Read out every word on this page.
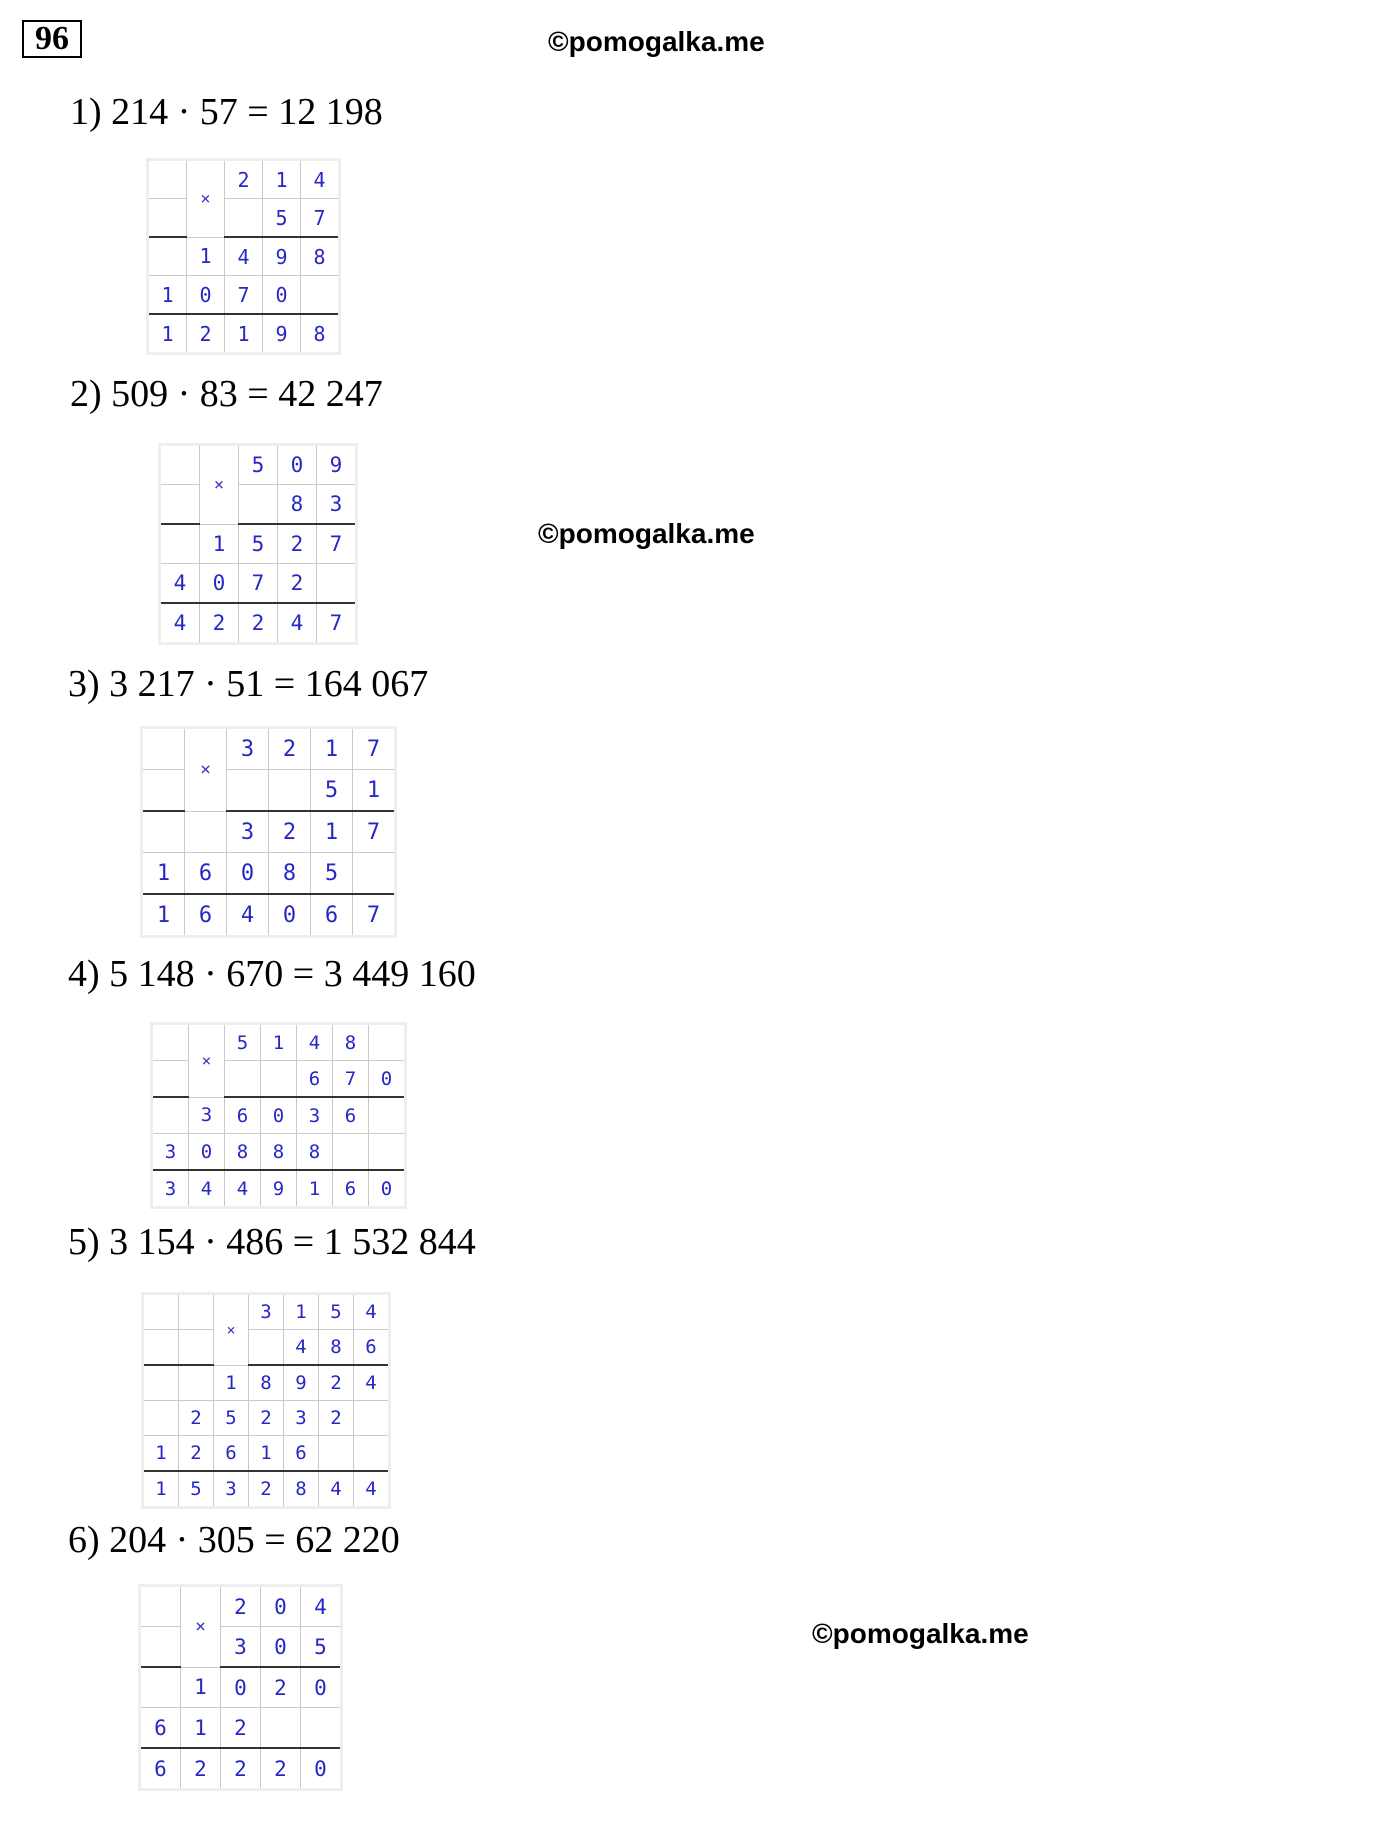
96	©pomogalka.me
©pomogalka.me
©pomogalka.me
1) 214 · 57 = 12 198
	×	2	1	4
			5	7
	1	4	9	8
1	0	7	0	
1	2	1	9	8
2) 509 · 83 = 42 247
	×	5	0	9
			8	3
	1	5	2	7
4	0	7	2	
4	2	2	4	7
3) 3 217 · 51 = 164 067
	×	3	2	1	7
				5	1
		3	2	1	7
1	6	0	8	5	
1	6	4	0	6	7
4) 5 148 · 670 = 3 449 160
	×	5	1	4	8	
				6	7	0
	3	6	0	3	6	
3	0	8	8	8		
3	4	4	9	1	6	0
5) 3 154 · 486 = 1 532 844
		×	3	1	5	4
				4	8	6
		1	8	9	2	4
	2	5	2	3	2	
1	2	6	1	6		
1	5	3	2	8	4	4
6) 204 · 305 = 62 220
	×	2	0	4
		3	0	5
	1	0	2	0
6	1	2		
6	2	2	2	0
